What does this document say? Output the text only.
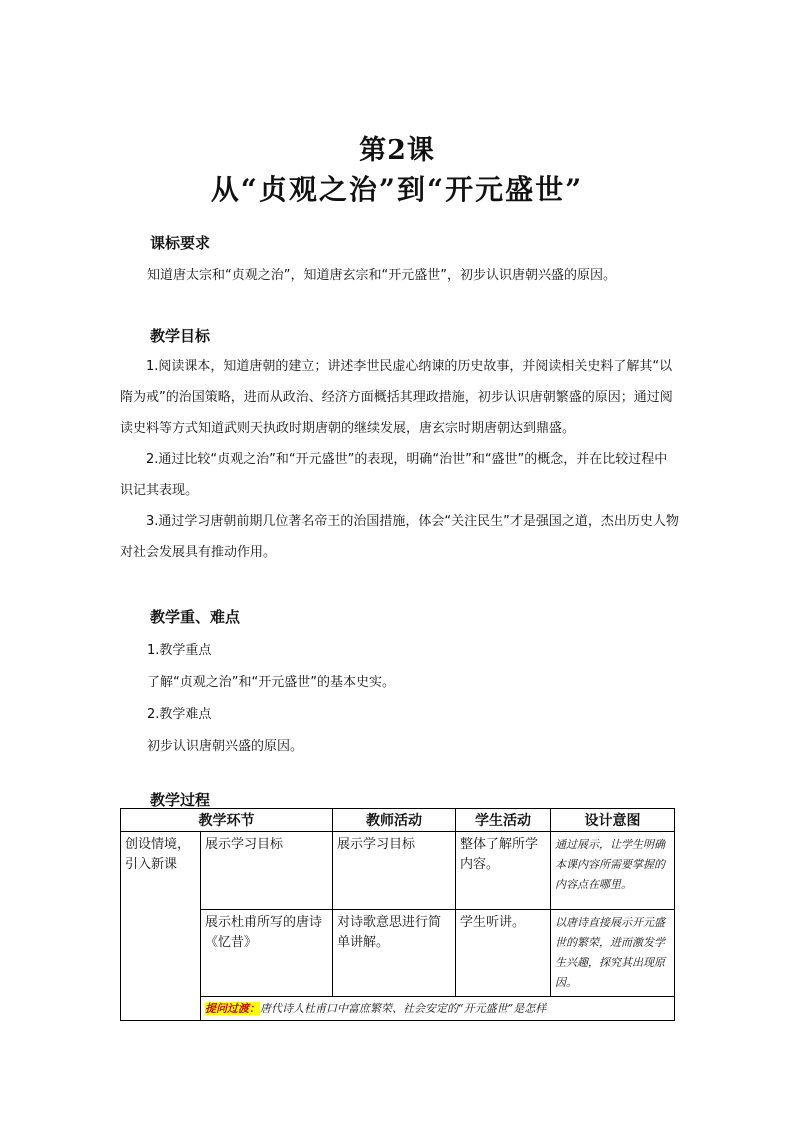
第2课
从“贞观之治”到“开元盛世”
课标要求
知道唐太宗和“贞观之治”，知道唐玄宗和“开元盛世”，初步认识唐朝兴盛的原因。
教学目标
1.阅读课本，知道唐朝的建立；讲述李世民虚心纳谏的历史故事，并阅读相关史料了解其“以隋为戒”的治国策略，进而从政治、经济方面概括其理政措施，初步认识唐朝繁盛的原因；通过阅读史料等方式知道武则天执政时期唐朝的继续发展，唐玄宗时期唐朝达到鼎盛。
2.通过比较“贞观之治”和“开元盛世”的表现，明确“治世”和“盛世”的概念，并在比较过程中识记其表现。
3.通过学习唐朝前期几位著名帝王的治国措施，体会“关注民生”才是强国之道，杰出历史人物对社会发展具有推动作用。
教学重、难点
1.教学重点
了解“贞观之治”和“开元盛世”的基本史实。
2.教学难点
初步认识唐朝兴盛的原因。
教学过程
教学环节		教师活动	学生活动	设计意图
创设情境，引入新课	展示学习目标	展示学习目标	整体了解所学内容。	通过展示，让学生明确本课内容所需要掌握的内容点在哪里。
	展示杜甫所写的唐诗《忆昔》	对诗歌意思进行简单讲解。	学生听讲。	以唐诗直接展示开元盛世的繁荣，进而激发学生兴趣，探究其出现原因。
	提问过渡：唐代诗人杜甫口中富庶繁荣、社会安定的“开元盛世”是怎样			
